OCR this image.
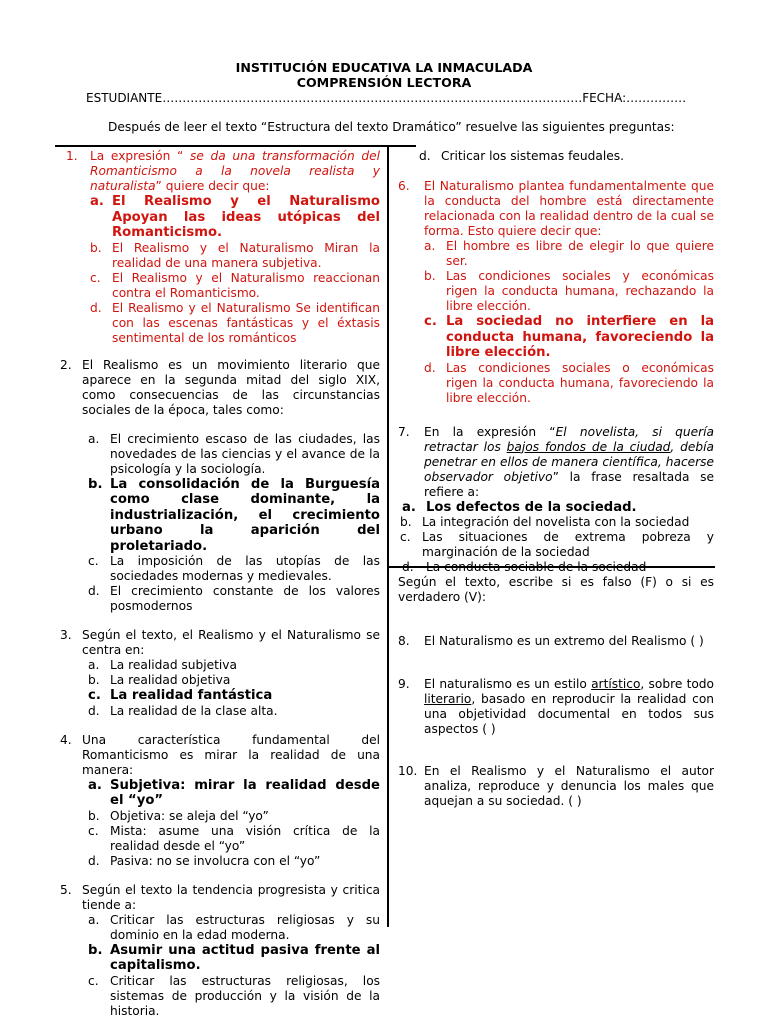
INSTITUCIÓN EDUCATIVA LA INMACULADA
COMPRENSIÓN LECTORA
ESTUDIANTE……………………………………………………………………………………………FECHA:……………
Después de leer el texto “Estructura del texto Dramático” resuelve las siguientes preguntas:
1. La expresión “ se da una transformación del Romanticismo a la novela realista y naturalista” quiere decir que:
a. El Realismo y el Naturalismo Apoyan las ideas utópicas del Romanticismo.
b. El Realismo y el Naturalismo Miran la realidad de una manera subjetiva.
c. El Realismo y el Naturalismo reaccionan contra el Romanticismo.
d. El Realismo y el Naturalismo Se identifican con las escenas fantásticas y el éxtasis sentimental de los románticos
2. El Realismo es un movimiento literario que aparece en la segunda mitad del siglo XIX, como consecuencias de las circunstancias sociales de la época, tales como:
a. El crecimiento escaso de las ciudades, las novedades de las ciencias y el avance de la psicología y la sociología.
b. La consolidación de la Burguesía como clase dominante, la industrialización, el crecimiento urbano la aparición del proletariado.
c. La imposición de las utopías de las sociedades modernas y medievales.
d. El crecimiento constante de los valores posmodernos
3. Según el texto, el Realismo y el Naturalismo se centra en:
a. La realidad subjetiva
b. La realidad objetiva
c. La realidad fantástica
d. La realidad de la clase alta.
4. Una característica fundamental del Romanticismo es mirar la realidad de una manera:
a. Subjetiva: mirar la realidad desde el “yo”
b. Objetiva: se aleja del “yo”
c. Mista: asume una visión crítica de la realidad desde el “yo”
d. Pasiva: no se involucra con el “yo”
5. Según el texto la tendencia progresista y critica tiende a:
a. Criticar las estructuras religiosas y su dominio en la edad moderna.
b. Asumir una actitud pasiva frente al capitalismo.
c. Criticar las estructuras religiosas, los sistemas de producción y la visión de la historia.
d. Criticar los sistemas feudales.
6. El Naturalismo plantea fundamentalmente que la conducta del hombre está directamente relacionada con la realidad dentro de la cual se forma. Esto quiere decir que:
a. El hombre es libre de elegir lo que quiere ser.
b. Las condiciones sociales y económicas rigen la conducta humana, rechazando la libre elección.
c. La sociedad no interfiere en la conducta humana, favoreciendo la libre elección.
d. Las condiciones sociales o económicas rigen la conducta humana, favoreciendo la libre elección.
7. En la expresión “El novelista, si quería retractar los bajos fondos de la ciudad, debía penetrar en ellos de manera científica, hacerse observador objetivo” la frase resaltada se refiere a:
a. Los defectos de la sociedad.
b. La integración del novelista con la sociedad
c. Las situaciones de extrema pobreza y marginación de la sociedad
d. La conducta sociable de la sociedad
Según el texto, escribe si es falso (F) o si es verdadero (V):
8. El Naturalismo es un extremo del Realismo ( )
9. El naturalismo es un estilo artístico, sobre todo literario, basado en reproducir la realidad con una objetividad documental en todos sus aspectos ( )
10. En el Realismo y el Naturalismo el autor analiza, reproduce y denuncia los males que aquejan a su sociedad. ( )
